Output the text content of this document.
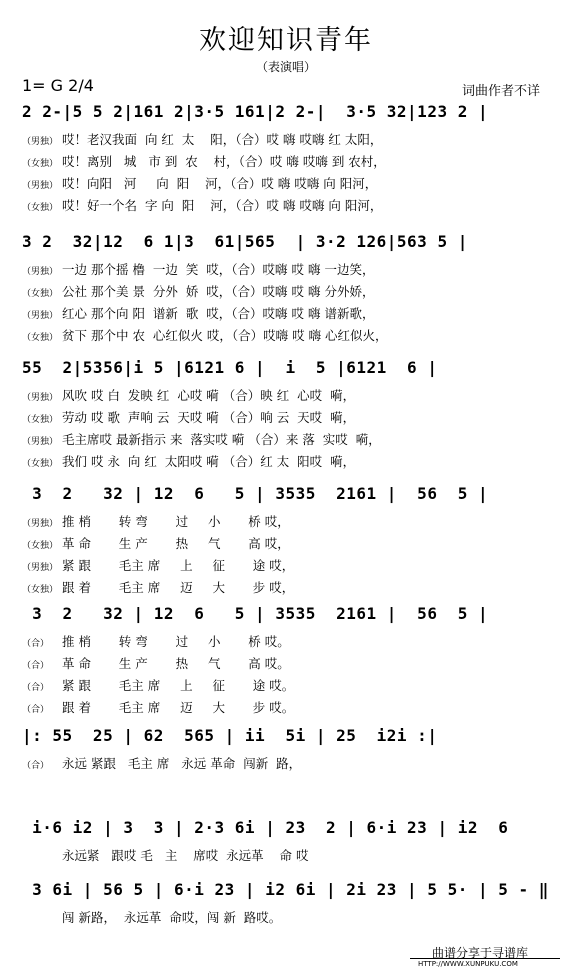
欢迎知识青年
（表演唱）
1= G 2/4	词曲作者不详
2 2-|5 5 2|161 2|3·5 161|2 2-|  3·5 32|123 2 |
（男独） 哎！老汉我面  向 红  太    阳，（合）哎 嗨 哎嗨 红 太阳，
（女独） 哎！离别   城   市 到  农    村，（合）哎 嗨 哎嗨 到 农村，
（男独） 哎！向阳   河     向  阳    河，（合）哎 嗨 哎嗨 向 阳河，
（女独） 哎！好一个名  字 向  阳    河，（合）哎 嗨 哎嗨 向 阳河，
3 2  32|12  6 1|3  61|565  | 3·2 126|563 5 |
（男独） 一边 那个摇 橹  一边  笑  哎，（合）哎嗨 哎 嗨 一边笑，
（女独） 公社 那个美 景  分外  娇  哎，（合）哎嗨 哎 嗨 分外娇，
（男独） 红心 那个向 阳  谱新  歌  哎，（合）哎嗨 哎 嗨 谱新歌，
（女独） 贫下 那个中 农  心红似火 哎，（合）哎嗨 哎 嗨 心红似火，
55  2|5356|i 5 |6121 6 |  i  5 |6121  6 |
（男独） 风吹 哎 白  发映 红  心哎 嗬 （合）映 红  心哎  嗬，
（女独） 劳动 哎 歌  声响 云  天哎 嗬 （合）响 云  天哎  嗬，
（男独） 毛主席哎 最新指示 来  落实哎 嗬 （合）来 落  实哎  嗬，
（女独） 我们 哎 永  向 红  太阳哎 嗬 （合）红 太  阳哎  嗬，
3  2   32 | 12  6   5 | 3535  2161 |  56  5 |
（男独） 推 梢       转 弯       过     小       桥 哎，
（女独） 革 命       生 产       热     气       高 哎，
（男独） 紧 跟       毛主 席     上     征       途 哎，
（女独） 跟 着       毛主 席     迈     大       步 哎，
3  2   32 | 12  6   5 | 3535  2161 |  56  5 |
（合） 推 梢       转 弯       过     小       桥 哎。
（合） 革 命       生 产       热     气       高 哎。
（合） 紧 跟       毛主 席     上     征       途 哎。
（合） 跟 着       毛主 席     迈     大       步 哎。
|: 55  25 | 62  565 | ii  5i | 25  i2i :|
（合） 永远 紧跟   毛主 席   永远 革命  闯新  路，
i·6 i2 | 3  3 | 2·3 6i | 23  2 | 6·i 23 | i2  6
永远紧   跟哎 毛   主    席哎  永远革    命 哎
3 6i | 56 5 | 6·i 23 | i2 6i | 2i 23 | 5 5· | 5 - ‖
闯 新路，  永远革  命哎，闯 新  路哎。
曲谱分享于寻谱库
HTTP://WWW.XUNPUKU.COM
